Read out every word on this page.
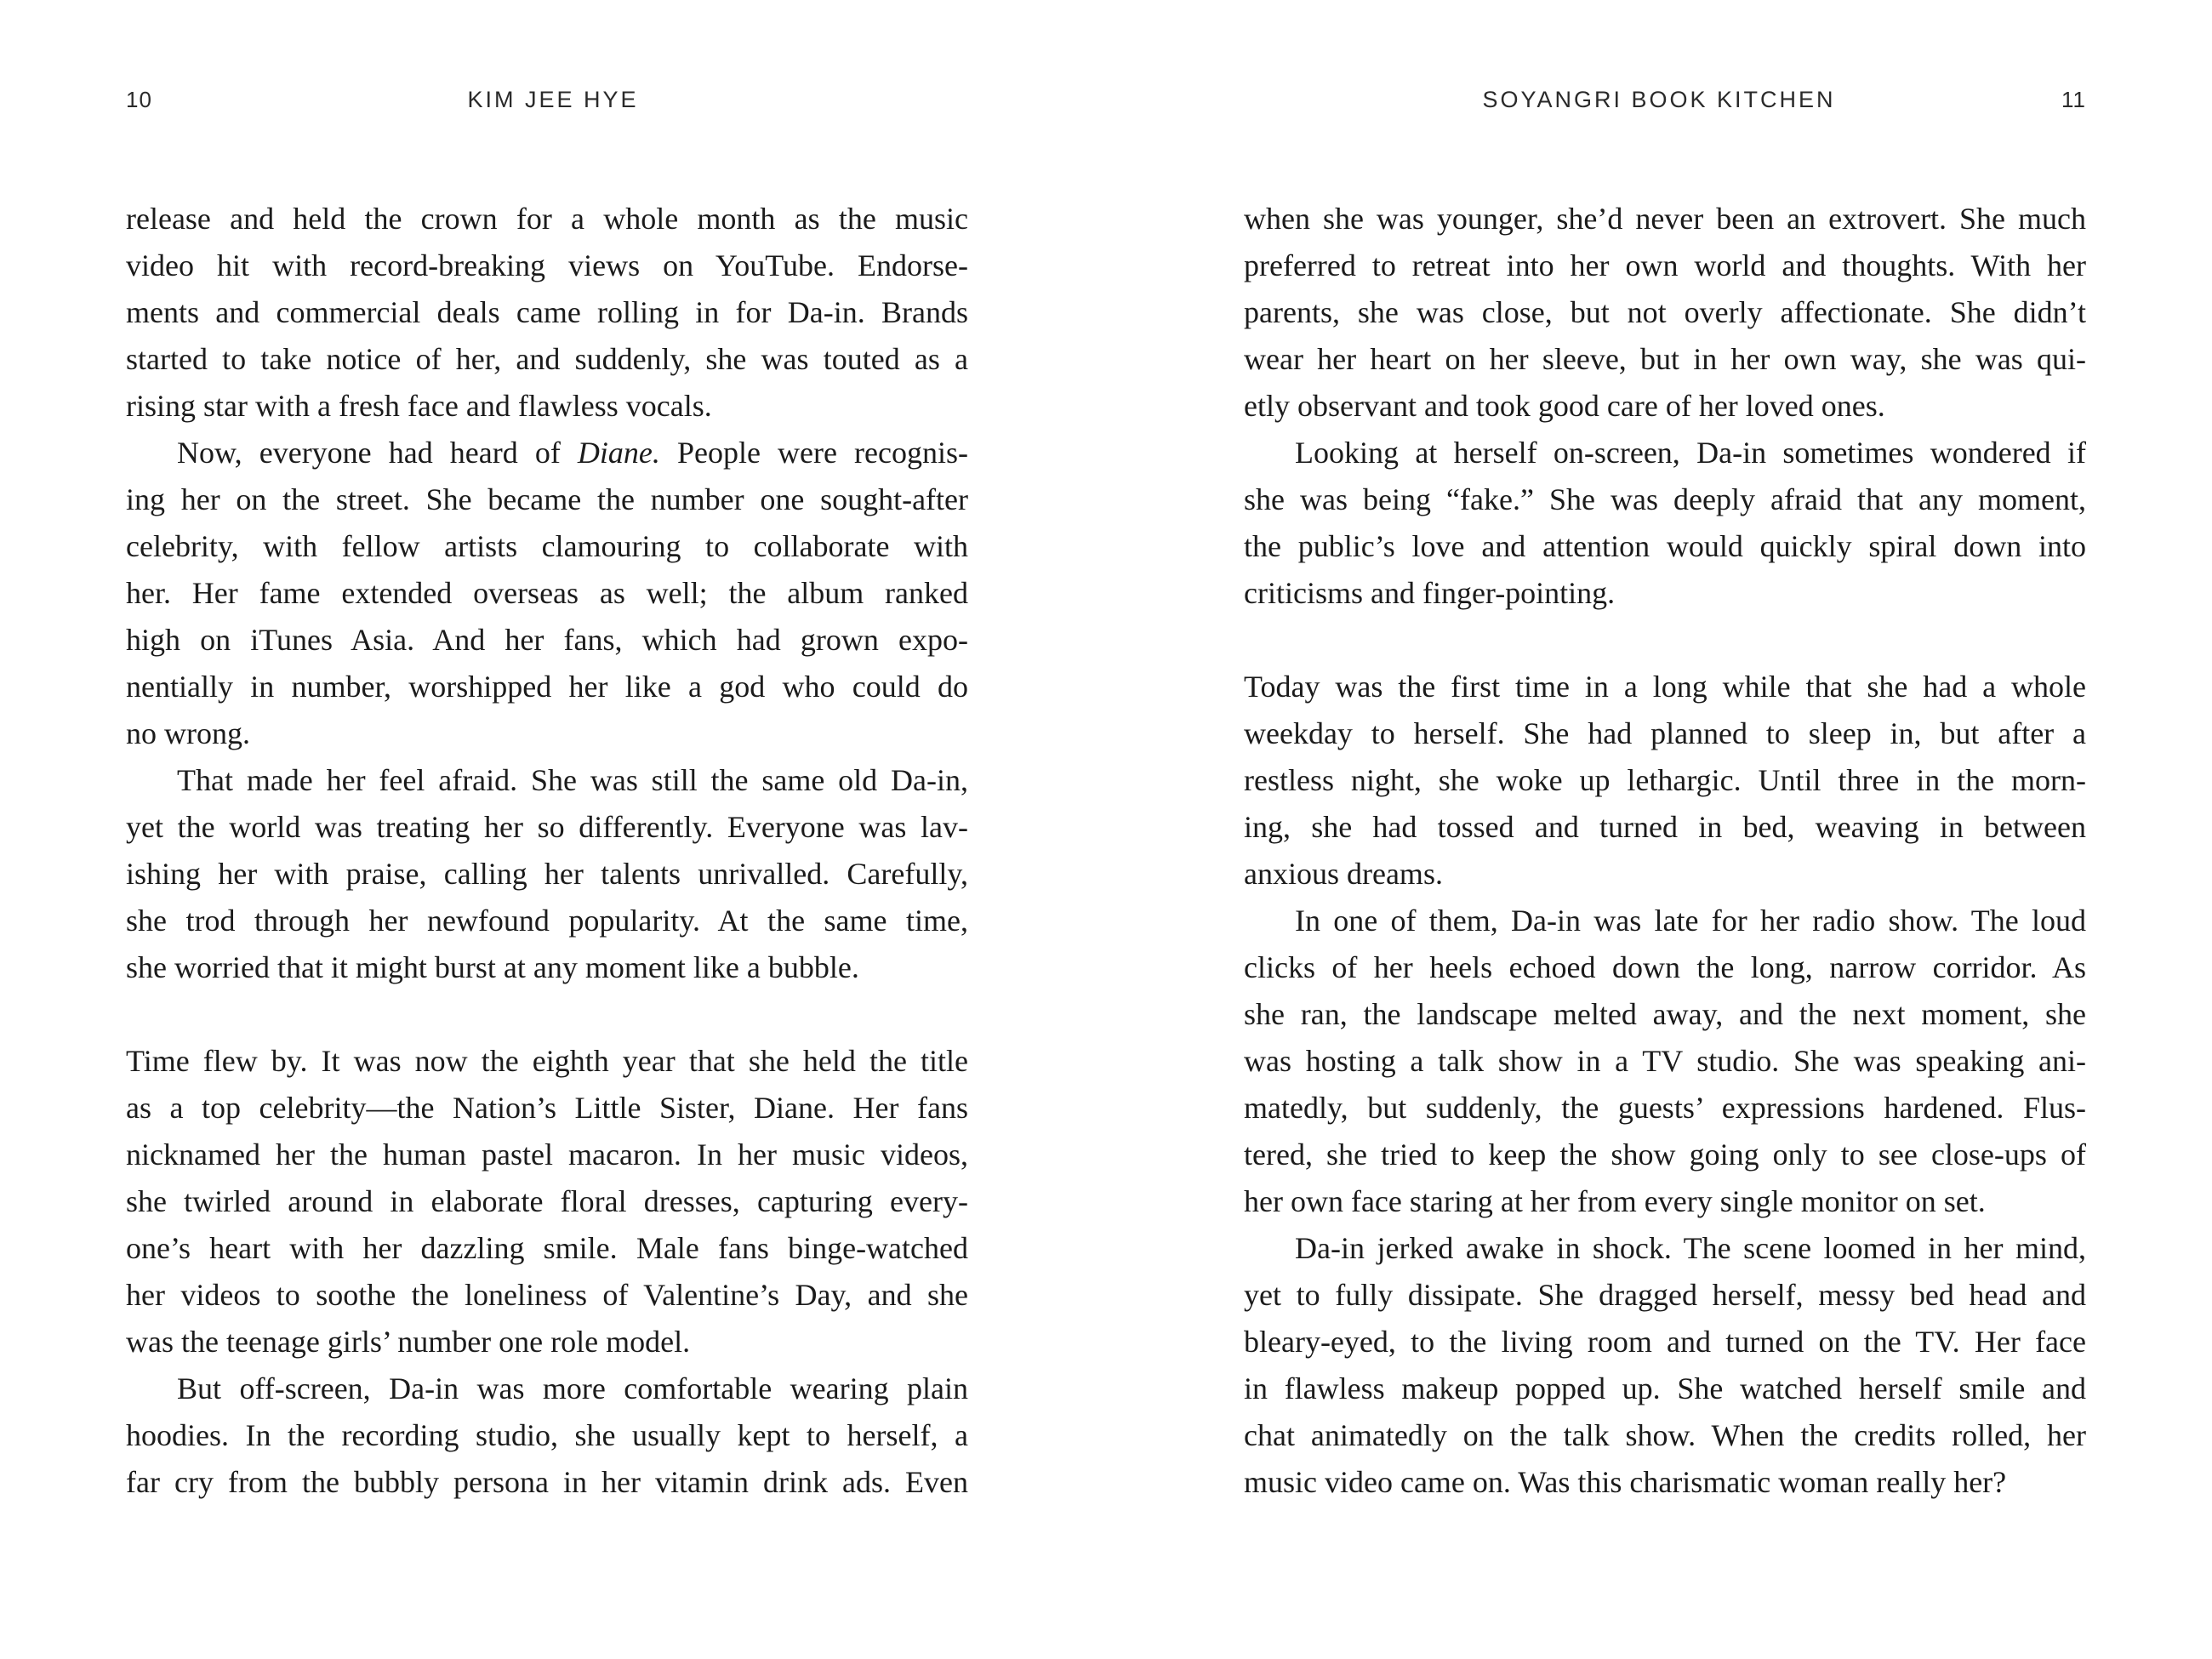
10	KIM JEE HYE
release and held the crown for a whole month as the music
video hit with record-breaking views on YouTube. Endorse-
ments and commercial deals came rolling in for Da-in. Brands
started to take notice of her, and suddenly, she was touted as a
rising star with a fresh face and flawless vocals.
Now, everyone had heard of Diane. People were recognis-
ing her on the street. She became the number one sought-after
celebrity, with fellow artists clamouring to collaborate with
her. Her fame extended overseas as well; the album ranked
high on iTunes Asia. And her fans, which had grown expo-
nentially in number, worshipped her like a god who could do
no wrong.
That made her feel afraid. She was still the same old Da-in,
yet the world was treating her so differently. Everyone was lav-
ishing her with praise, calling her talents unrivalled. Carefully,
she trod through her newfound popularity. At the same time,
she worried that it might burst at any moment like a bubble.
Time flew by. It was now the eighth year that she held the title
as a top celebrity—the Nation’s Little Sister, Diane. Her fans
nicknamed her the human pastel macaron. In her music videos,
she twirled around in elaborate floral dresses, capturing every-
one’s heart with her dazzling smile. Male fans binge-watched
her videos to soothe the loneliness of Valentine’s Day, and she
was the teenage girls’ number one role model.
But off-screen, Da-in was more comfortable wearing plain
hoodies. In the recording studio, she usually kept to herself, a
far cry from the bubbly persona in her vitamin drink ads. Even
SOYANGRI BOOK KITCHEN	11
when she was younger, she’d never been an extrovert. She much
preferred to retreat into her own world and thoughts. With her
parents, she was close, but not overly affectionate. She didn’t
wear her heart on her sleeve, but in her own way, she was qui-
etly observant and took good care of her loved ones.
Looking at herself on-screen, Da-in sometimes wondered if
she was being “fake.” She was deeply afraid that any moment,
the public’s love and attention would quickly spiral down into
criticisms and finger-pointing.
Today was the first time in a long while that she had a whole
weekday to herself. She had planned to sleep in, but after a
restless night, she woke up lethargic. Until three in the morn-
ing, she had tossed and turned in bed, weaving in between
anxious dreams.
In one of them, Da-in was late for her radio show. The loud
clicks of her heels echoed down the long, narrow corridor. As
she ran, the landscape melted away, and the next moment, she
was hosting a talk show in a TV studio. She was speaking ani-
matedly, but suddenly, the guests’ expressions hardened. Flus-
tered, she tried to keep the show going only to see close-ups of
her own face staring at her from every single monitor on set.
Da-in jerked awake in shock. The scene loomed in her mind,
yet to fully dissipate. She dragged herself, messy bed head and
bleary-eyed, to the living room and turned on the TV. Her face
in flawless makeup popped up. She watched herself smile and
chat animatedly on the talk show. When the credits rolled, her
music video came on. Was this charismatic woman really her?
